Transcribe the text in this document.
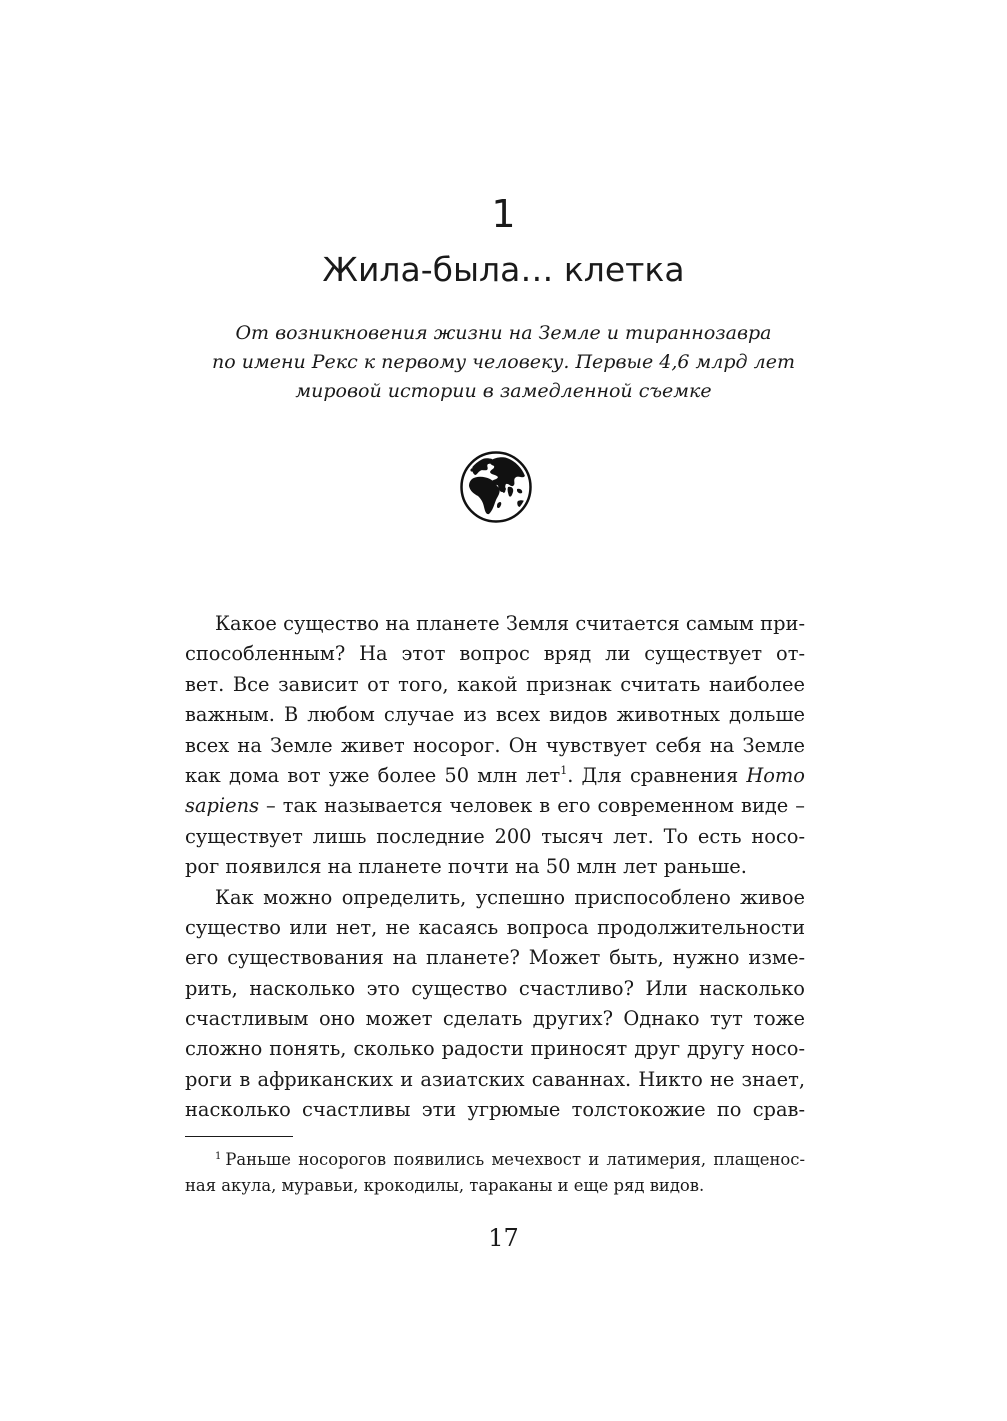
1
Жила-была… клетка
От возникновения жизни на Земле и тираннозавра
по имени Рекс к первому человеку. Первые 4,6 млрд лет
мировой истории в замедленной съемке
Какое существо на планете Земля считается самым при-
способленным? На этот вопрос вряд ли существует от-
вет. Все зависит от того, какой признак считать наиболее
важным. В любом случае из всех видов животных дольше
всех на Земле живет носорог. Он чувствует себя на Земле
как дома вот уже более 50 млн лет$^1$. Для сравнения Homo
sapiens – так называется человек в его современном виде –
существует лишь последние 200 тысяч лет. То есть носо-
рог появился на планете почти на 50 млн лет раньше.
Как можно определить, успешно приспособлено живое
существо или нет, не касаясь вопроса продолжительности
его существования на планете? Может быть, нужно изме-
рить, насколько это существо счастливо? Или насколько
счастливым оно может сделать других? Однако тут тоже
сложно понять, сколько радости приносят друг другу носо-
роги в африканских и азиатских саваннах. Никто не знает,
насколько счастливы эти угрюмые толстокожие по срав-
$^1$ Раньше носорогов появились мечехвост и латимерия, плащенос-
ная акула, муравьи, крокодилы, тараканы и еще ряд видов.
17
